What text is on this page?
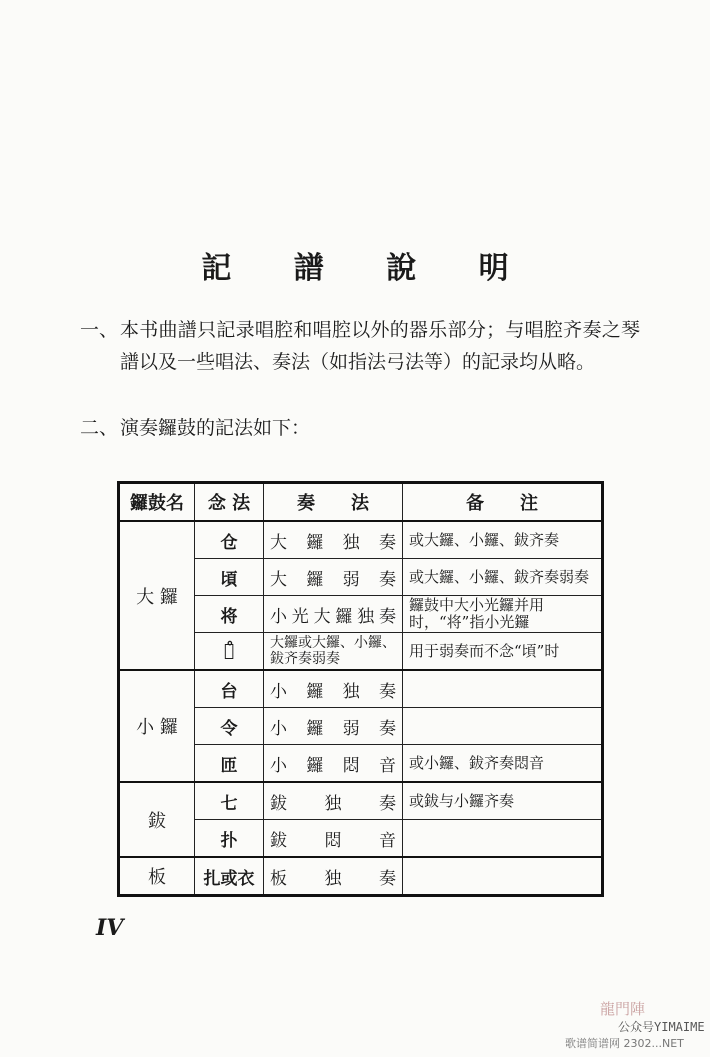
記 譜 說 明
一、 本书曲譜只記录唱腔和唱腔以外的器乐部分；与唱腔齐奏之琴譜以及一些唱法、奏法（如指法弓法等）的記录均从略。
二、 演奏鑼鼓的記法如下：
鑼鼓名	念 法	奏　　法	备　　注
大 鑼	仓	大鑼独奏	或大鑼、小鑼、鈸齐奏
	頃	大鑼弱奏	或大鑼、小鑼、鈸齐奏弱奏
	将	小光大鑼独奏	鑼鼓中大小光鑼并用时，“将”指小光鑼
	仓̊	大鑼或大鑼、小鑼、鈸齐奏弱奏	用于弱奏而不念“頃”时
小 鑼	台	小鑼独奏	
	令	小鑼弱奏	
	匝	小鑼悶音	或小鑼、鈸齐奏悶音
鈸	七	鈸独奏	或鈸与小鑼齐奏
	扑	鈸悶音	
板	扎或衣	板独奏	
IV
龍門陣
公众号YIMAIME
歌谱简谱网 2302...NET
